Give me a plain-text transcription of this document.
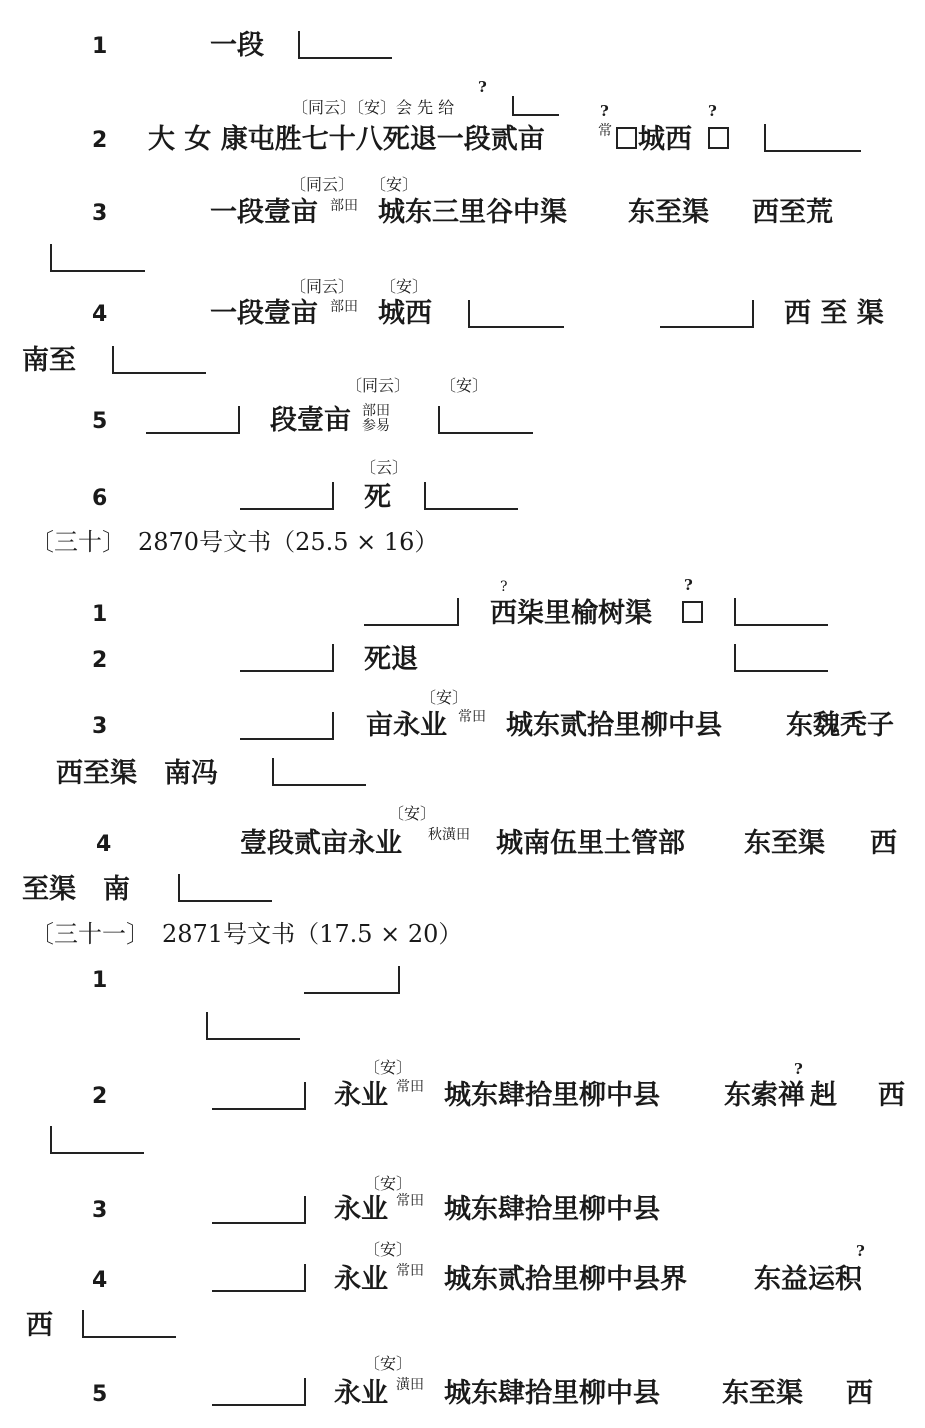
1	一段
?
〔同云〕〔安〕会 先 给	?	?
2 大 女 康屯胜七十八死退一段贰亩	常 城西
〔同云〕 〔安〕
3	一段壹亩 部田 城东三里谷中渠 东至渠 西至荒
〔同云〕 〔安〕
4	一段壹亩 部田 城西	西 至 渠
南至
〔同云〕 〔安〕
5	段壹亩 部田
参易
〔云〕
6	死
〔三十〕　2870号文书（25.5 × 16）
?	?
1	西柒里榆树渠
2	死退
〔安〕
3	亩永业 常田 城东贰拾里柳中县 东魏秃子
西至渠　南冯
〔安〕
4	壹段贰亩永业 秋潢田 城南伍里土管部 东至渠 西
至渠　南
〔三十一〕　2871号文书（17.5 × 20）
1
〔安〕	?
2	永业 常田 城东肆拾里柳中县 东索禅 赳 西
〔安〕
3	永业 常田 城东肆拾里柳中县
〔安〕	?
4	永业 常田 城东贰拾里柳中县界 东益运积
西
〔安〕
5	永业 潢田 城东肆拾里柳中县 东至渠 西
